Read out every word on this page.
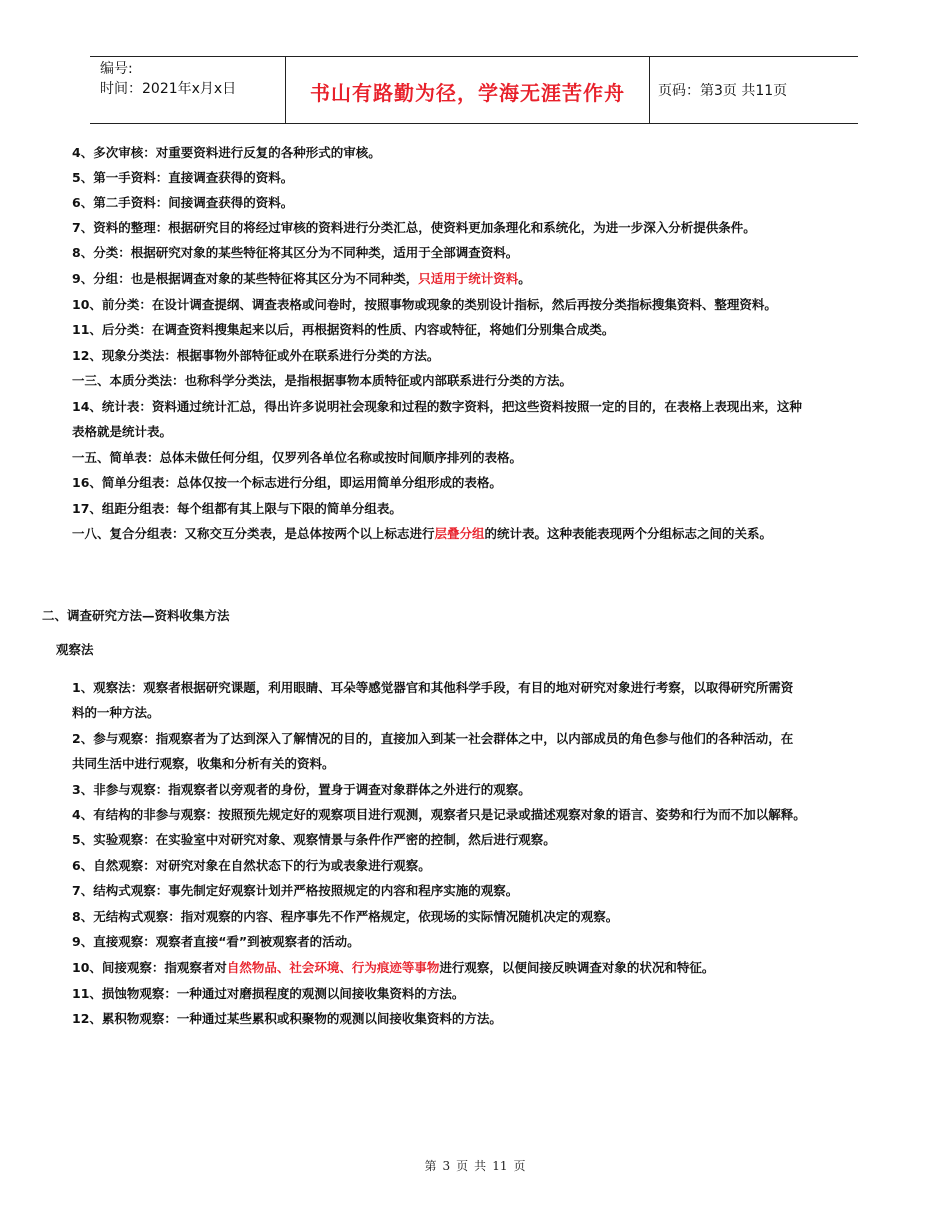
编号:
时间：2021年x月x日	书山有路勤为径，学海无涯苦作舟	页码：第3页 共11页
4、多次审核：对重要资料进行反复的各种形式的审核。
5、第一手资料：直接调查获得的资料。
6、第二手资料：间接调查获得的资料。
7、资料的整理：根据研究目的将经过审核的资料进行分类汇总，使资料更加条理化和系统化，为进一步深入分析提供条件。
8、分类：根据研究对象的某些特征将其区分为不同种类，适用于全部调查资料。
9、分组：也是根据调查对象的某些特征将其区分为不同种类，只适用于统计资料。
10、前分类：在设计调查提纲、调查表格或问卷时，按照事物或现象的类别设计指标，然后再按分类指标搜集资料、整理资料。
11、后分类：在调查资料搜集起来以后，再根据资料的性质、内容或特征，将她们分别集合成类。
12、现象分类法：根据事物外部特征或外在联系进行分类的方法。
一三、本质分类法：也称科学分类法，是指根据事物本质特征或内部联系进行分类的方法。
14、统计表：资料通过统计汇总，得出许多说明社会现象和过程的数字资料，把这些资料按照一定的目的，在表格上表现出来，这种
表格就是统计表。
一五、简单表：总体未做任何分组，仅罗列各单位名称或按时间顺序排列的表格。
16、简单分组表：总体仅按一个标志进行分组，即运用简单分组形成的表格。
17、组距分组表：每个组都有其上限与下限的简单分组表。
一八、复合分组表：又称交互分类表，是总体按两个以上标志进行层叠分组的统计表。这种表能表现两个分组标志之间的关系。
二、调查研究方法—资料收集方法
观察法
1、观察法：观察者根据研究课题，利用眼睛、耳朵等感觉器官和其他科学手段，有目的地对研究对象进行考察，以取得研究所需资
料的一种方法。
2、参与观察：指观察者为了达到深入了解情况的目的，直接加入到某一社会群体之中，以内部成员的角色参与他们的各种活动，在
共同生活中进行观察，收集和分析有关的资料。
3、非参与观察：指观察者以旁观者的身份，置身于调查对象群体之外进行的观察。
4、有结构的非参与观察：按照预先规定好的观察项目进行观测，观察者只是记录或描述观察对象的语言、姿势和行为而不加以解释。
5、实验观察：在实验室中对研究对象、观察情景与条件作严密的控制，然后进行观察。
6、自然观察：对研究对象在自然状态下的行为或表象进行观察。
7、结构式观察：事先制定好观察计划并严格按照规定的内容和程序实施的观察。
8、无结构式观察：指对观察的内容、程序事先不作严格规定，依现场的实际情况随机决定的观察。
9、直接观察：观察者直接“看”到被观察者的活动。
10、间接观察：指观察者对自然物品、社会环境、行为痕迹等事物进行观察，以便间接反映调查对象的状况和特征。
11、损蚀物观察：一种通过对磨损程度的观测以间接收集资料的方法。
12、累积物观察：一种通过某些累积或积聚物的观测以间接收集资料的方法。
第 3 页 共 11 页
